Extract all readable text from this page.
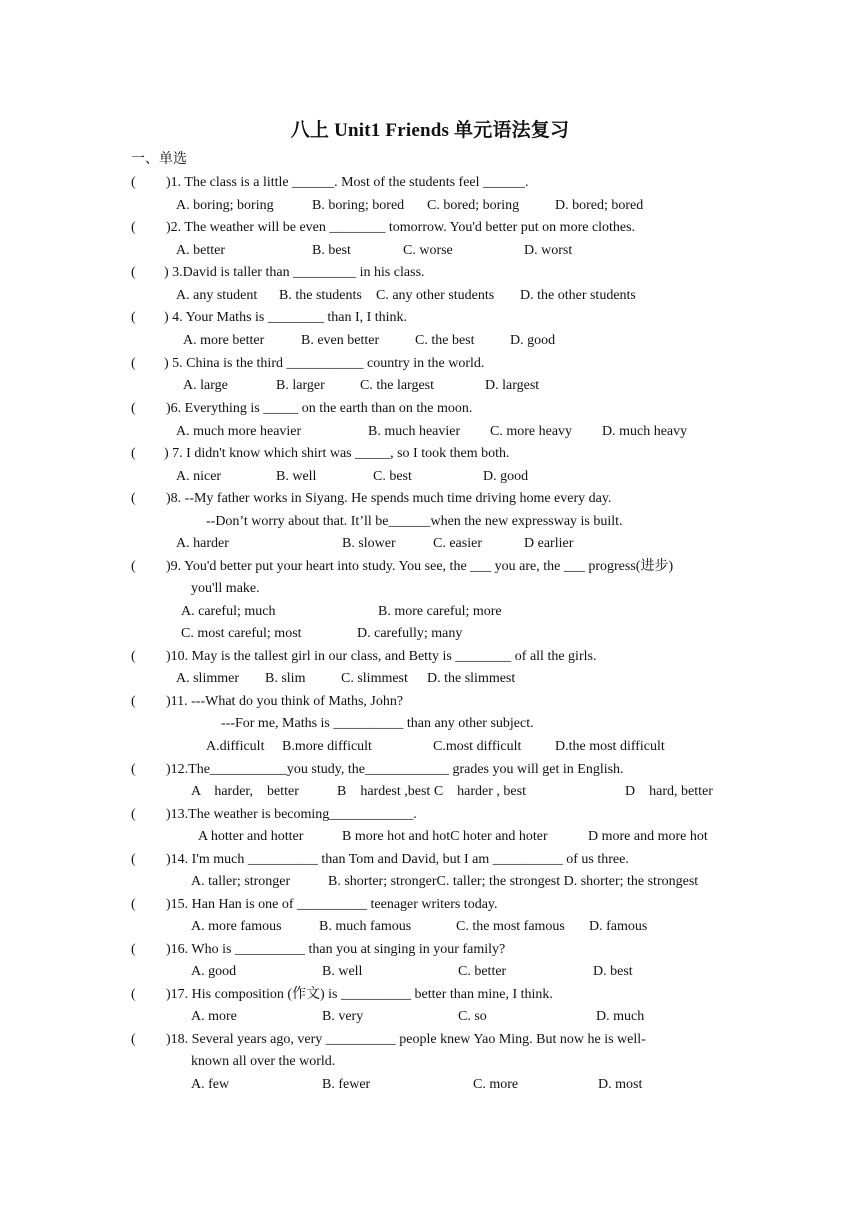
八上 Unit1 Friends 单元语法复习
一、单选
( )1. The class is a little ______. Most of the students feel ______.
A. boring; boring	B. boring; bored C. bored; boring	D. bored; bored
( )2. The weather will be even ________ tomorrow. You'd better put on more clothes.
A. better	B. best	C. worse	D. worst
( ) 3.David is taller than _________ in his class.
A. any student B. the students C. any other students D. the other students
( ) 4. Your Maths is ________ than I, I think.
A. more better	B. even better	C. the best	D. good
( ) 5. China is the third ___________ country in the world.
A. large	B. larger	C. the largest	D. largest
( )6. Everything is _____ on the earth than on the moon.
A. much more heavier	B. much heavier C. more heavy D. much heavy
( ) 7. I didn't know which shirt was _____, so I took them both.
A. nicer	B. well	C. best	D. good
( )8. --My father works in Siyang. He spends much time driving home every day.
--Don’t worry about that. It’ll be______when the new expressway is built.
A. harder	B. slower	C. easier	D earlier
( )9. You'd better put your heart into study. You see, the ___ you are, the ___ progress(进步)
you'll make.
A. careful; much	B. more careful; more
C. most careful; most	D. carefully; many
( )10. May is the tallest girl in our class, and Betty is ________ of all the girls.
A. slimmer B. slim	C. slimmest D. the slimmest
( )11. ---What do you think of Maths, John?
---For me, Maths is __________ than any other subject.
A.difficult B.more difficult	C.most difficult D.the most difficult
( )12.The___________you study, the____________ grades you will get in English.
A    harder,    better	B    hardest ,best C    harder , best	D    hard, better
( )13.The weather is becoming____________.
A hotter and hotter	B more hot and hotC hoter and hoter	D more and more hot
( )14. I'm much __________ than Tom and David, but I am __________ of us three.
A. taller; stronger	B. shorter; strongerC. taller; the strongest D. shorter; the strongest
( )15. Han Han is one of __________ teenager writers today.
A. more famous	B. much famous	C. the most famous D. famous
( )16. Who is __________ than you at singing in your family?
A. good	B. well	C. better	D. best
( )17. His composition (作文) is __________ better than mine, I think.
A. more	B. very	C. so	D. much
( )18. Several years ago, very __________ people knew Yao Ming. But now he is well-
known all over the world.
A. few	B. fewer	C. more	D. most
